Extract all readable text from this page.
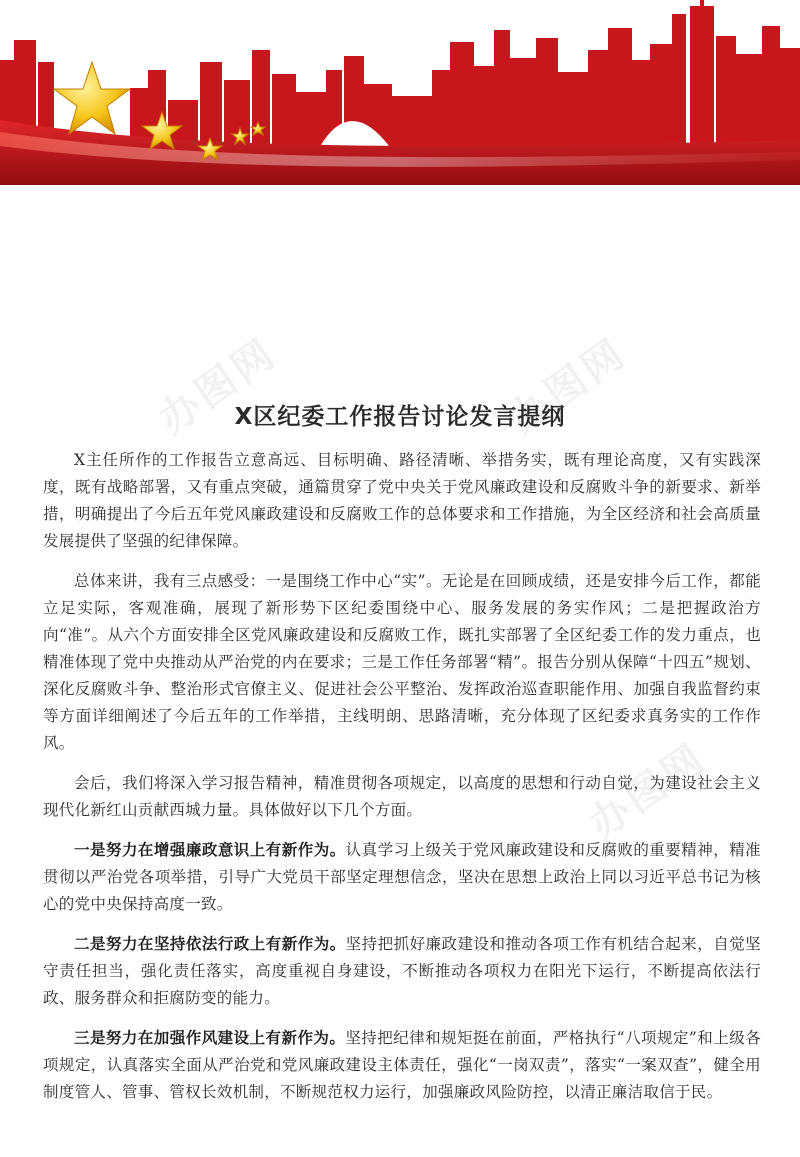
办图网	办图网
办图网
X区纪委工作报告讨论发言提纲

X主任所作的工作报告立意高远、目标明确、路径清晰、举措务实，既有理论高度，又有实践深度，既有战略部署，又有重点突破，通篇贯穿了党中央关于党风廉政建设和反腐败斗争的新要求、新举措，明确提出了今后五年党风廉政建设和反腐败工作的总体要求和工作措施，为全区经济和社会高质量发展提供了坚强的纪律保障。

总体来讲，我有三点感受：一是围绕工作中心“实”。无论是在回顾成绩，还是安排今后工作，都能立足实际，客观准确，展现了新形势下区纪委围绕中心、服务发展的务实作风；二是把握政治方向“准”。从六个方面安排全区党风廉政建设和反腐败工作，既扎实部署了全区纪委工作的发力重点，也精准体现了党中央推动从严治党的内在要求；三是工作任务部署“精”。报告分别从保障“十四五”规划、深化反腐败斗争、整治形式官僚主义、促进社会公平整治、发挥政治巡查职能作用、加强自我监督约束等方面详细阐述了今后五年的工作举措，主线明朗、思路清晰，充分体现了区纪委求真务实的工作作风。

会后，我们将深入学习报告精神，精准贯彻各项规定，以高度的思想和行动自觉，为建设社会主义现代化新红山贡献西城力量。具体做好以下几个方面。

一是努力在增强廉政意识上有新作为。认真学习上级关于党风廉政建设和反腐败的重要精神，精准贯彻以严治党各项举措，引导广大党员干部坚定理想信念，坚决在思想上政治上同以习近平总书记为核心的党中央保持高度一致。

二是努力在坚持依法行政上有新作为。坚持把抓好廉政建设和推动各项工作有机结合起来，自觉坚守责任担当，强化责任落实，高度重视自身建设，不断推动各项权力在阳光下运行，不断提高依法行政、服务群众和拒腐防变的能力。

三是努力在加强作风建设上有新作为。坚持把纪律和规矩挺在前面，严格执行“八项规定”和上级各项规定，认真落实全面从严治党和党风廉政建设主体责任，强化“一岗双责”，落实“一案双查”，健全用制度管人、管事、管权长效机制，不断规范权力运行，加强廉政风险防控，以清正廉洁取信于民。
